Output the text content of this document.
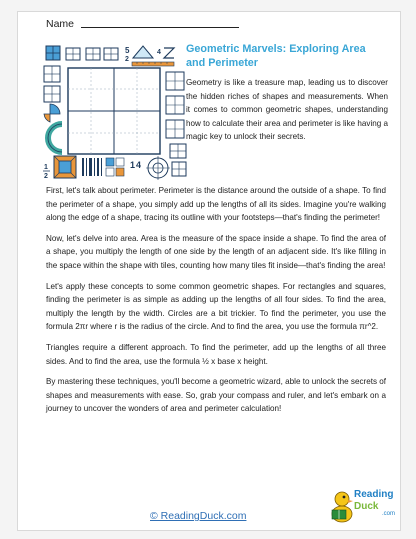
Name
5
2
4
1
2
1 4
Geometric Marvels: Exploring Area and Perimeter
Geometry is like a treasure map, leading us to discover the hidden riches of shapes and measurements. When it comes to common geometric shapes, understanding how to calculate their area and perimeter is like having a magic key to unlock their secrets.

First, let's talk about perimeter. Perimeter is the distance around the outside of a shape. To find the perimeter of a shape, you simply add up the lengths of all its sides. Imagine you're walking along the edge of a shape, tracing its outline with your footsteps—that's finding the perimeter!

Now, let's delve into area. Area is the measure of the space inside a shape. To find the area of a shape, you multiply the length of one side by the length of an adjacent side. It's like filling in the space within the shape with tiles, counting how many tiles fit inside—that's finding the area!

Let's apply these concepts to some common geometric shapes. For rectangles and squares, finding the perimeter is as simple as adding up the lengths of all four sides. To find the area, multiply the length by the width. Circles are a bit trickier. To find the perimeter, you use the formula 2πr where r is the radius of the circle. And to find the area, you use the formula πr^2.

Triangles require a different approach. To find the perimeter, add up the lengths of all three sides. And to find the area, use the formula ½ x base x height.

By mastering these techniques, you'll become a geometric wizard, able to unlock the secrets of shapes and measurements with ease. So, grab your compass and ruler, and let's embark on a journey to uncover the wonders of area and perimeter calculation!

Reading
Duck
.com
© ReadingDuck.com
